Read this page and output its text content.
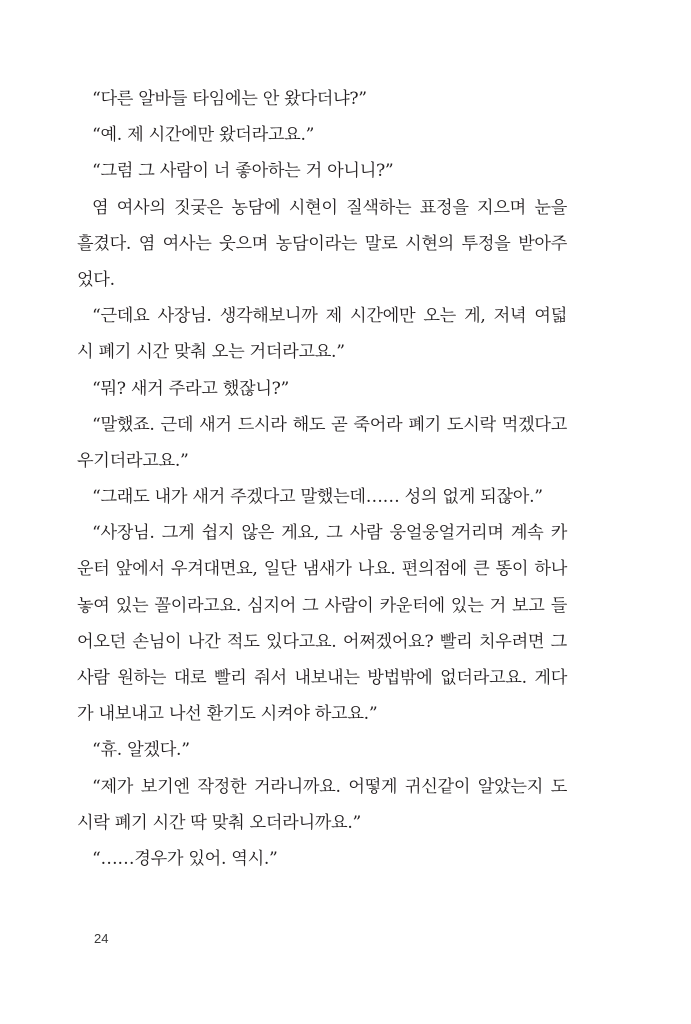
“다른 알바들 타임에는 안 왔다더냐?”
“예. 제 시간에만 왔더라고요.”
“그럼 그 사람이 너 좋아하는 거 아니니?”
염 여사의 짓궂은 농담에 시현이 질색하는 표정을 지으며 눈을
흘겼다. 염 여사는 웃으며 농담이라는 말로 시현의 투정을 받아주
었다.
“근데요 사장님. 생각해보니까 제 시간에만 오는 게, 저녁 여덟
시 폐기 시간 맞춰 오는 거더라고요.”
“뭐? 새거 주라고 했잖니?”
“말했죠. 근데 새거 드시라 해도 곧 죽어라 폐기 도시락 먹겠다고
우기더라고요.”
“그래도 내가 새거 주겠다고 말했는데…… 성의 없게 되잖아.”
“사장님. 그게 쉽지 않은 게요, 그 사람 웅얼웅얼거리며 계속 카
운터 앞에서 우겨대면요, 일단 냄새가 나요. 편의점에 큰 똥이 하나
놓여 있는 꼴이라고요. 심지어 그 사람이 카운터에 있는 거 보고 들
어오던 손님이 나간 적도 있다고요. 어쩌겠어요? 빨리 치우려면 그
사람 원하는 대로 빨리 줘서 내보내는 방법밖에 없더라고요. 게다
가 내보내고 나선 환기도 시켜야 하고요.”
“휴. 알겠다.”
“제가 보기엔 작정한 거라니까요. 어떻게 귀신같이 알았는지 도
시락 폐기 시간 딱 맞춰 오더라니까요.”
“……경우가 있어. 역시.”
24
